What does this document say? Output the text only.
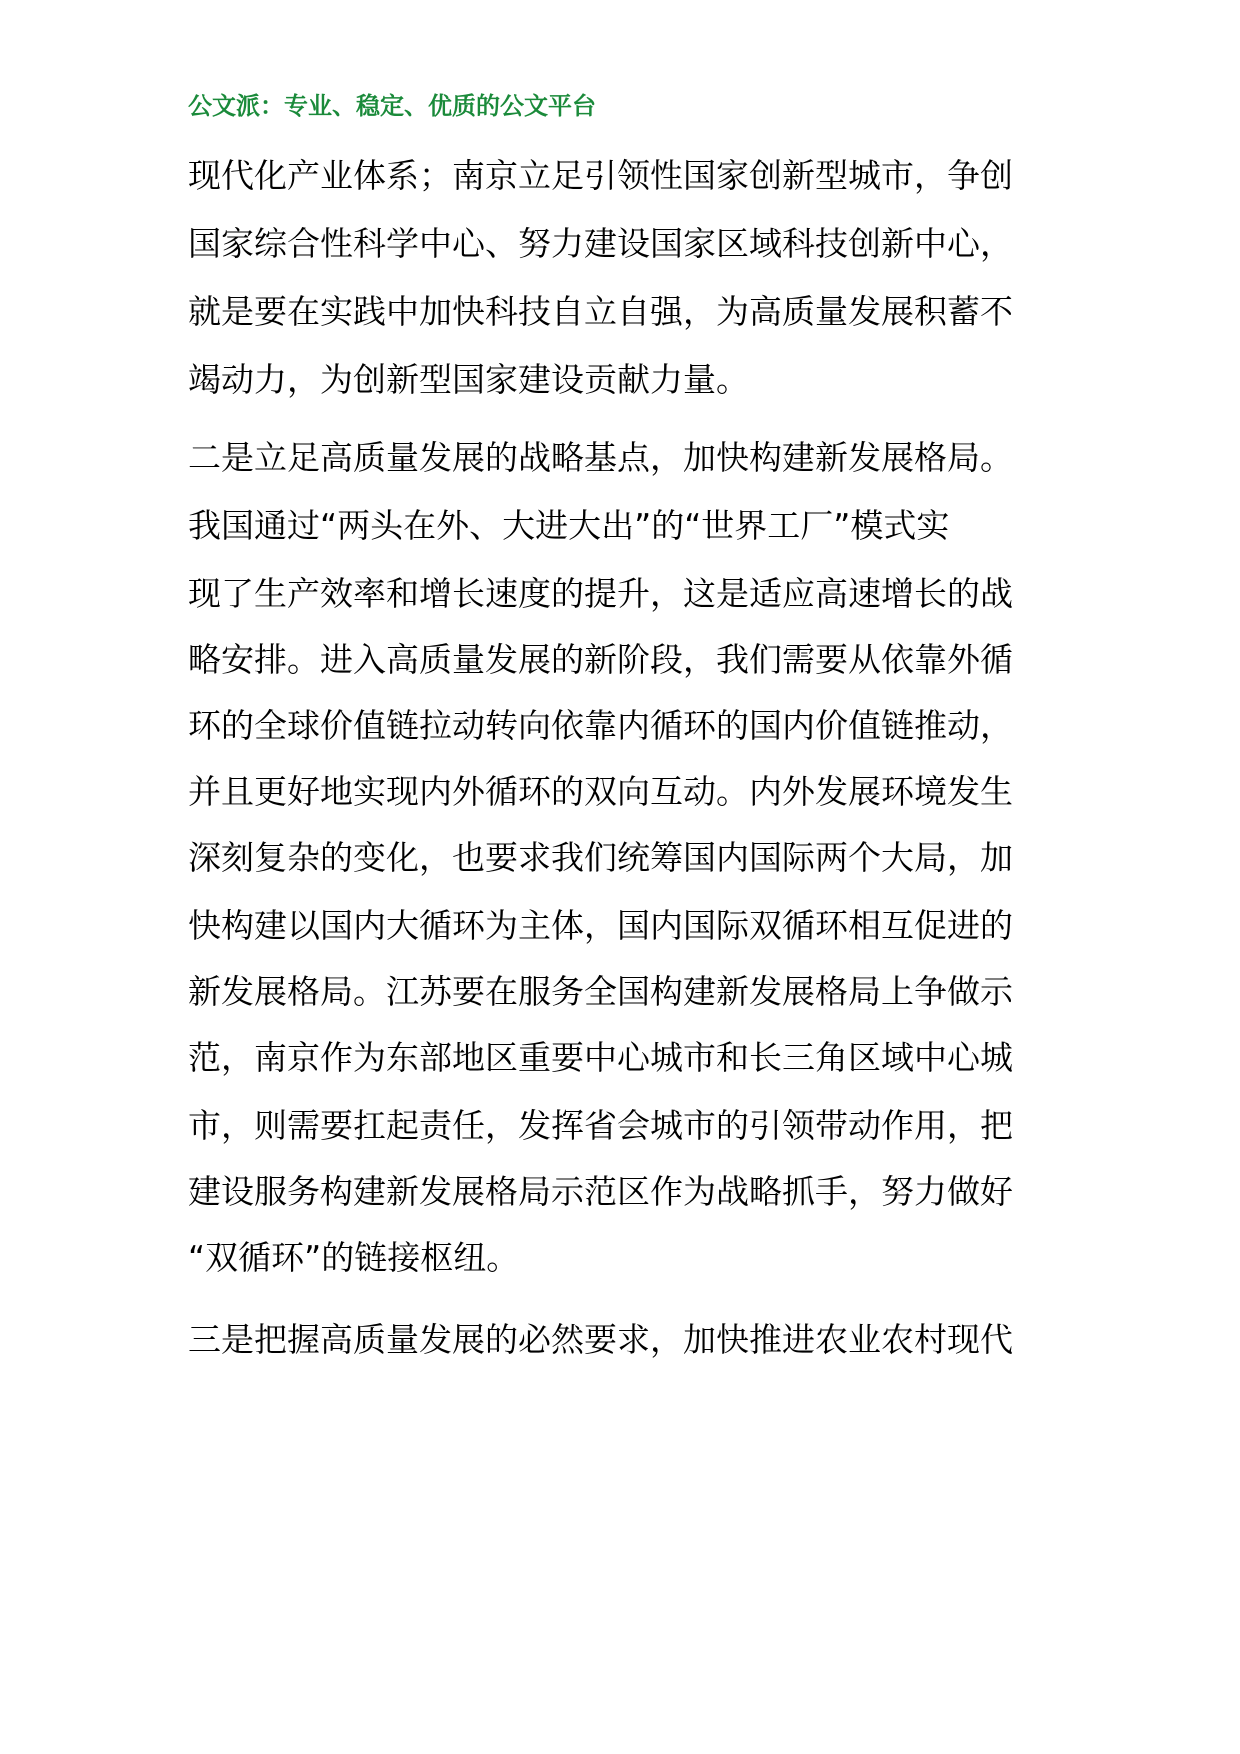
公文派：专业、稳定、优质的公文平台
现代化产业体系；南京立足引领性国家创新型城市，争创
国家综合性科学中心、努力建设国家区域科技创新中心，
就是要在实践中加快科技自立自强，为高质量发展积蓄不
竭动力，为创新型国家建设贡献力量。
二是立足高质量发展的战略基点，加快构建新发展格局。
我国通过“两头在外、大进大出”的“世界工厂”模式实
现了生产效率和增长速度的提升，这是适应高速增长的战
略安排。进入高质量发展的新阶段，我们需要从依靠外循
环的全球价值链拉动转向依靠内循环的国内价值链推动，
并且更好地实现内外循环的双向互动。内外发展环境发生
深刻复杂的变化，也要求我们统筹国内国际两个大局，加
快构建以国内大循环为主体，国内国际双循环相互促进的
新发展格局。江苏要在服务全国构建新发展格局上争做示
范，南京作为东部地区重要中心城市和长三角区域中心城
市，则需要扛起责任，发挥省会城市的引领带动作用，把
建设服务构建新发展格局示范区作为战略抓手，努力做好
“双循环”的链接枢纽。
三是把握高质量发展的必然要求，加快推进农业农村现代
